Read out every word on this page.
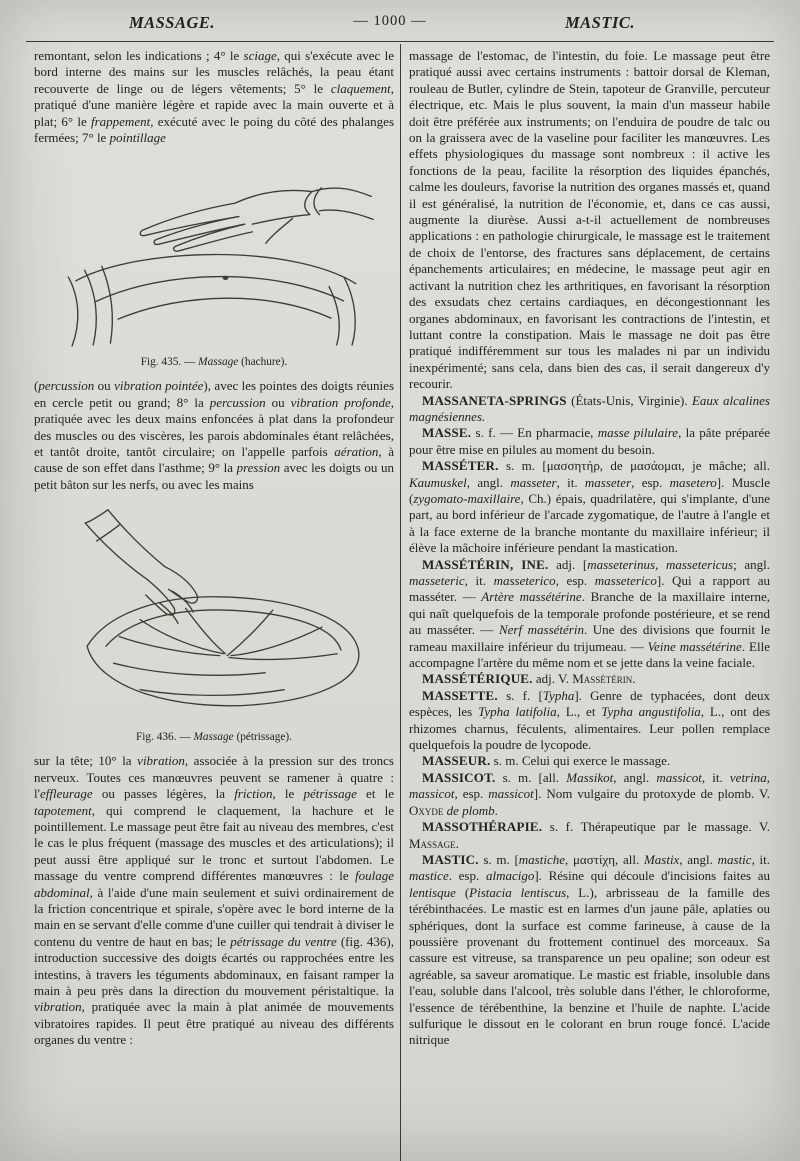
MASSAGE.	— 1000 —	MASTIC.

remontant, selon les indications ; 4° le sciage, qui s'exécute avec le bord interne des mains sur les muscles relâchés, la peau étant recouverte de linge ou de légers vêtements; 5° le claquement, pratiqué d'une manière légère et rapide avec la main ouverte et à plat; 6° le frappement, exécuté avec le poing du côté des phalanges fermées; 7° le pointillage

Fig. 435. — Massage (hachure).

(percussion ou vibration pointée), avec les pointes des doigts réunies en cercle petit ou grand; 8° la percussion ou vibration profonde, pratiquée avec les deux mains enfoncées à plat dans la profondeur des muscles ou des viscères, les parois abdominales étant relâchées, et tantôt droite, tantôt circulaire; on l'appelle parfois aération, à cause de son effet dans l'asthme; 9° la pression avec les doigts ou un petit bâton sur les nerfs, ou avec les mains

Fig. 436. — Massage (pétrissage).

sur la tête; 10° la vibration, associée à la pression sur des troncs nerveux. Toutes ces manœuvres peuvent se ramener à quatre : l'effleurage ou passes légères, la friction, le pétrissage et le tapotement, qui comprend le claquement, la hachure et le pointillement. Le massage peut être fait au niveau des membres, c'est le cas le plus fréquent (massage des muscles et des articulations); il peut aussi être appliqué sur le tronc et surtout l'abdomen. Le massage du ventre comprend différentes manœuvres : le foulage abdominal, à l'aide d'une main seulement et suivi ordinairement de la friction concentrique et spirale, s'opère avec le bord interne de la main en se servant d'elle comme d'une cuiller qui tendrait à diviser le contenu du ventre de haut en bas; le pétrissage du ventre (fig. 436), introduction successive des doigts écartés ou rapprochées entre les intestins, à travers les téguments abdominaux, en faisant ramper la main à peu près dans la direction du mouvement péristaltique. la vibration, pratiquée avec la main à plat animée de mouvements vibratoires rapides. Il peut être pratiqué au niveau des différents organes du ventre :

massage de l'estomac, de l'intestin, du foie. Le massage peut être pratiqué aussi avec certains instruments : battoir dorsal de Kleman, rouleau de Butler, cylindre de Stein, tapoteur de Granville, percuteur électrique, etc. Mais le plus souvent, la main d'un masseur habile doit être préférée aux instruments; on l'enduira de poudre de talc ou on la graissera avec de la vaseline pour faciliter les manœuvres. Les effets physiologiques du massage sont nombreux : il active les fonctions de la peau, facilite la résorption des liquides épanchés, calme les douleurs, favorise la nutrition des organes massés et, quand il est généralisé, la nutrition de l'économie, et, dans ce cas aussi, augmente la diurèse. Aussi a-t-il actuellement de nombreuses applications : en pathologie chirurgicale, le massage est le traitement de choix de l'entorse, des fractures sans déplacement, de certains épanchements articulaires; en médecine, le massage peut agir en activant la nutrition chez les arthritiques, en favorisant la résorption des exsudats chez certains cardiaques, en décongestionnant les organes abdominaux, en favorisant les contractions de l'intestin, et luttant contre la constipation. Mais le massage ne doit pas être pratiqué indifféremment sur tous les malades ni par un individu inexpérimenté; sans cela, dans bien des cas, il serait dangereux d'y recourir.

MASSANETA-SPRINGS (États-Unis, Virginie). Eaux alcalines magnésiennes.

MASSE. s. f. — En pharmacie, masse pilulaire, la pâte préparée pour être mise en pilules au moment du besoin.

MASSÉTER. s. m. [μασσητήρ, de μασάομαι, je mâche; all. Kaumuskel, angl. masseter, it. masseter, esp. masetero]. Muscle (zygomato-maxillaire, Ch.) épais, quadrilatère, qui s'implante, d'une part, au bord inférieur de l'arcade zygomatique, de l'autre à l'angle et à la face externe de la branche montante du maxillaire inférieur; il élève la mâchoire inférieure pendant la mastication.

MASSÉTÉRIN, INE. adj. [masseterinus, massetericus; angl. masseteric, it. masseterico, esp. masseterico]. Qui a rapport au masséter. — Artère massétérine. Branche de la maxillaire interne, qui naît quelquefois de la temporale profonde postérieure, et se rend au masséter. — Nerf massétérin. Une des divisions que fournit le rameau maxillaire inférieur du trijumeau. — Veine massétérine. Elle accompagne l'artère du même nom et se jette dans la veine faciale.

MASSÉTÉRIQUE. adj. V. Massétérin.

MASSETTE. s. f. [Typha]. Genre de typhacées, dont deux espèces, les Typha latifolia, L., et Typha angustifolia, L., ont des rhizomes charnus, féculents, alimentaires. Leur pollen remplace quelquefois la poudre de lycopode.

MASSEUR. s. m. Celui qui exerce le massage.

MASSICOT. s. m. [all. Massikot, angl. massicot, it. vetrina, massicot, esp. massicot]. Nom vulgaire du protoxyde de plomb. V. Oxyde de plomb.

MASSOTHÉRAPIE. s. f. Thérapeutique par le massage. V. Massage.

MASTIC. s. m. [mastiche, μαστίχη, all. Mastix, angl. mastic, it. mastice. esp. almacigo]. Résine qui découle d'incisions faites au lentisque (Pistacia lentiscus, L.), arbrisseau de la famille des térébinthacées. Le mastic est en larmes d'un jaune pâle, aplaties ou sphériques, dont la surface est comme farineuse, à cause de la poussière provenant du frottement continuel des morceaux. Sa cassure est vitreuse, sa transparence un peu opaline; son odeur est agréable, sa saveur aromatique. Le mastic est friable, insoluble dans l'eau, soluble dans l'alcool, très soluble dans l'éther, le chloroforme, l'essence de térébenthine, la benzine et l'huile de naphte. L'acide sulfurique le dissout en le colorant en brun rouge foncé. L'acide nitrique
